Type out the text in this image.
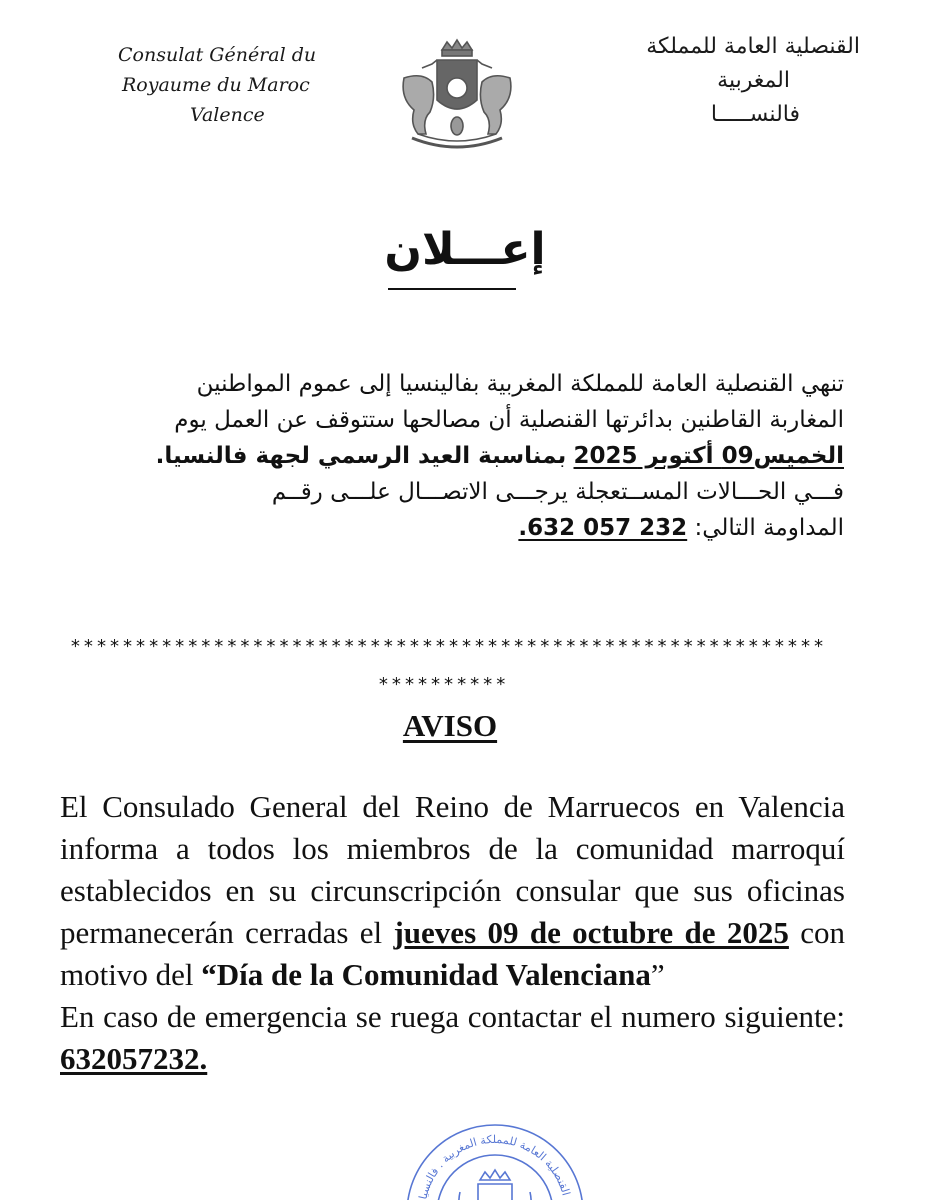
Consulat Général du
Royaume du Maroc
Valence
القنصلية العامة للمملكة
المغربية
فالنســـــا
إعـــلان
تنهي القنصلية العامة للمملكة المغربية بفالينسيا إلى عموم المواطنين
المغاربة القاطنين بدائرتها القنصلية أن مصالحها ستتوقف عن العمل يوم
الخميس09 أكتوبر 2025 بمناسبة العيد الرسمي لجهة فالنسيا.
فـــي الحـــالات المســتعجلة يرجـــى الاتصـــال علـــى رقــم
المداومة التالي: .632 057 232
**********************************************************
**********
AVISO

El Consulado General del Reino de Marruecos en Valencia informa a todos los miembros de la comunidad marroquí establecidos en su circunscripción consular que sus oficinas permanecerán cerradas el jueves 09 de octubre de 2025 con motivo del “Día de la Comunidad Valenciana”

En caso de emergencia se ruega contactar el numero siguiente: 632057232.

القنصلية العامة للمملكة المغربية . فالنسيا
